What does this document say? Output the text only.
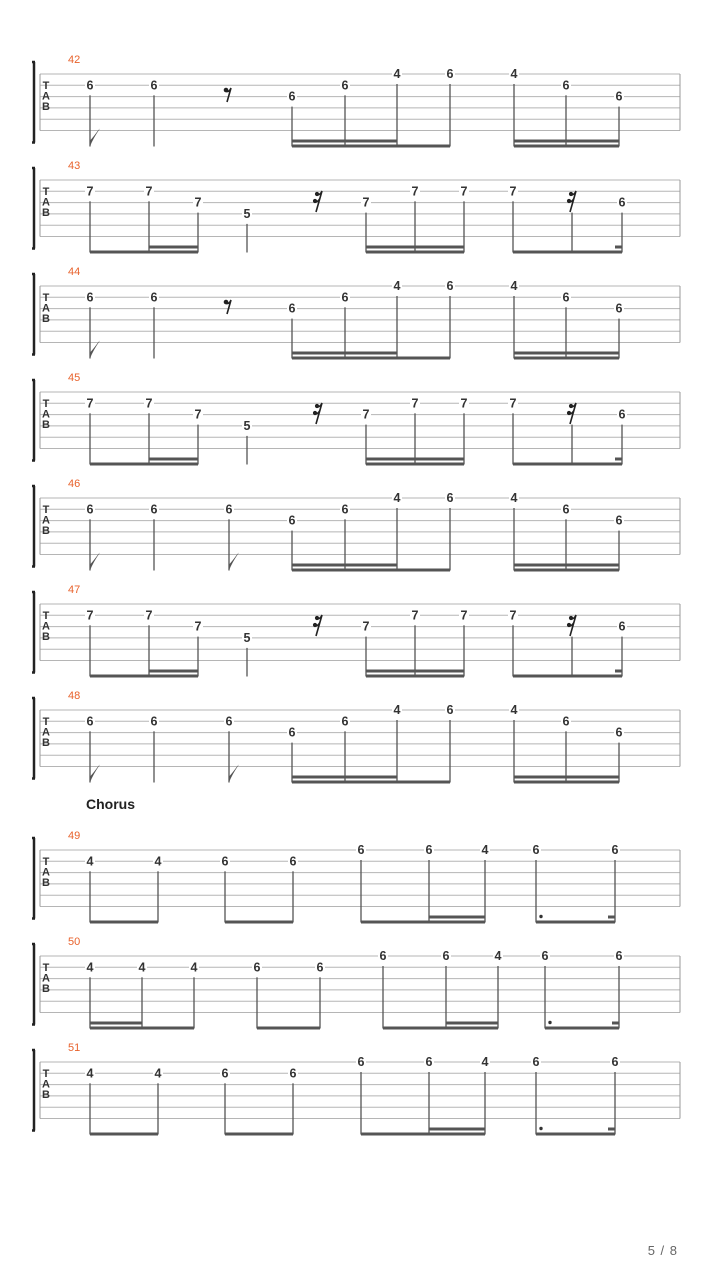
T
A
B
42
6	6
6
6
4	6	4
6
6
T
A
B
43
7	7
7
5
7
7	7	7
6
T
A
B
44
6	6
6
6
4	6	4
6
6
T
A
B
45
7	7
7
5
7
7	7	7
6
T
A
B
46
6	6	6
6
6
4	6	4
6
6
T
A
B
47
7	7
7
5
7
7	7	7
6
T
A
B
48
6	6	6
6
6
4	6	4
6
6
T
A
B
49
4	4	6	6
6	6	4	6	6
T
A
B
50
4	4	4	6	6
6	6	4	6	6
T
A
B
51
4	4	6	6
6	6	4	6	6
Chorus
5 / 8
